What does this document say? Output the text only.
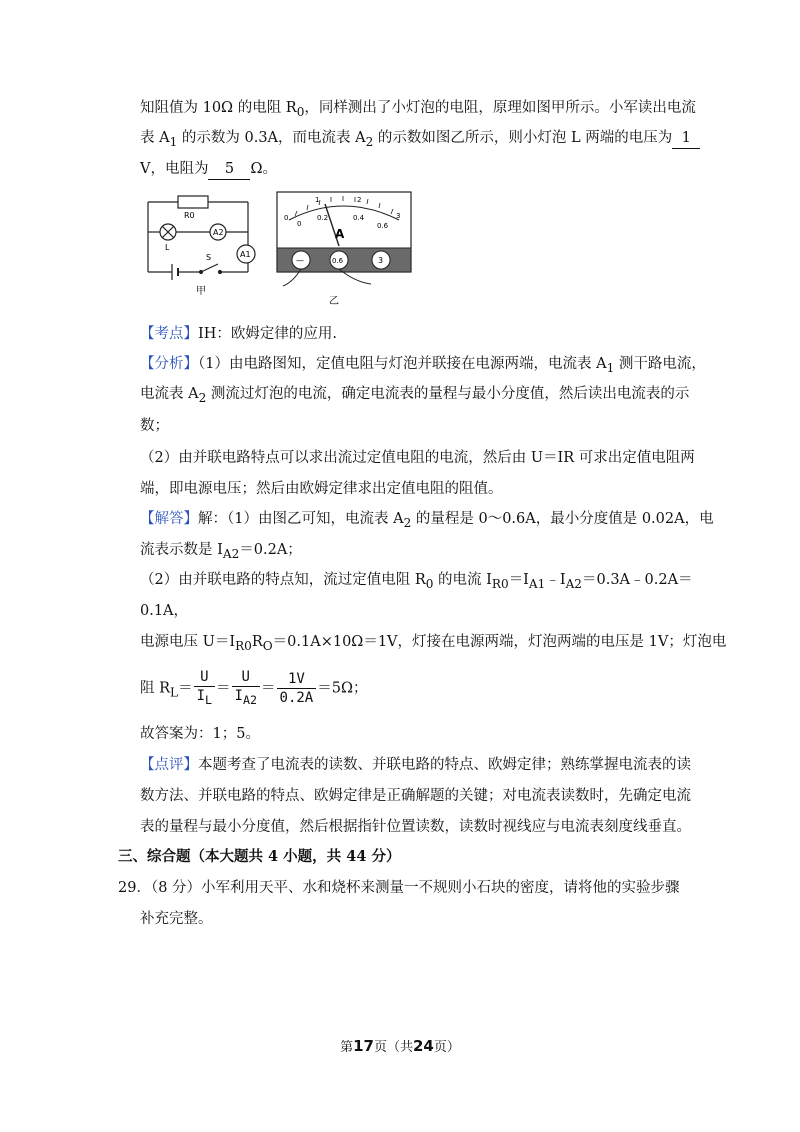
知阻值为 10Ω 的电阻 $R_0$，同样测出了小灯泡的电阻，原理如图甲所示。小军读出电流
表 $A_1$ 的示数为 0.3A，而电流表 $A_2$ 的示数如图乙所示，则小灯泡 L 两端的电压为 1
V，电阻为 5 Ω。
R0
A2
A1
L
S
甲
0
1	2
3
0
0.2	0.4
0.6
A
—	0.6	3
乙
【考点】IH：欧姆定律的应用.
【分析】（1）由电路图知，定值电阻与灯泡并联接在电源两端，电流表 $A_1$ 测干路电流，
电流表 $A_2$ 测流过灯泡的电流，确定电流表的量程与最小分度值，然后读出电流表的示
数；
（2）由并联电路特点可以求出流过定值电阻的电流，然后由 U＝IR 可求出定值电阻两
端，即电源电压；然后由欧姆定律求出定值电阻的阻值。
【解答】解：（1）由图乙可知，电流表 $A_2$ 的量程是 0～0.6A，最小分度值是 0.02A，电
流表示数是 $I_{A2}=0.2A$；
（2）由并联电路的特点知，流过定值电阻 $R_0$ 的电流 $I_{R0}=I_{A1}﹣I_{A2}=0.3A﹣0.2A=$
0.1A，
电源电压 $U=I_{R0}R_O=0.1A\times 10\Omega=1V$，灯接在电源两端，灯泡两端的电压是 1V；灯泡电
阻 $R_L= \frac{U}{I_L} = \frac{U}{I_{A2}} = \frac{1V}{0.2A} =5\Omega$；
故答案为：1；5。
【点评】本题考查了电流表的读数、并联电路的特点、欧姆定律；熟练掌握电流表的读
数方法、并联电路的特点、欧姆定律是正确解题的关键；对电流表读数时，先确定电流
表的量程与最小分度值，然后根据指针位置读数，读数时视线应与电流表刻度线垂直。
三、综合题（本大题共 4 小题，共 44 分）
29．（8 分）小军利用天平、水和烧杯来测量一不规则小石块的密度，请将他的实验步骤
补充完整。
第17页（共24页）
